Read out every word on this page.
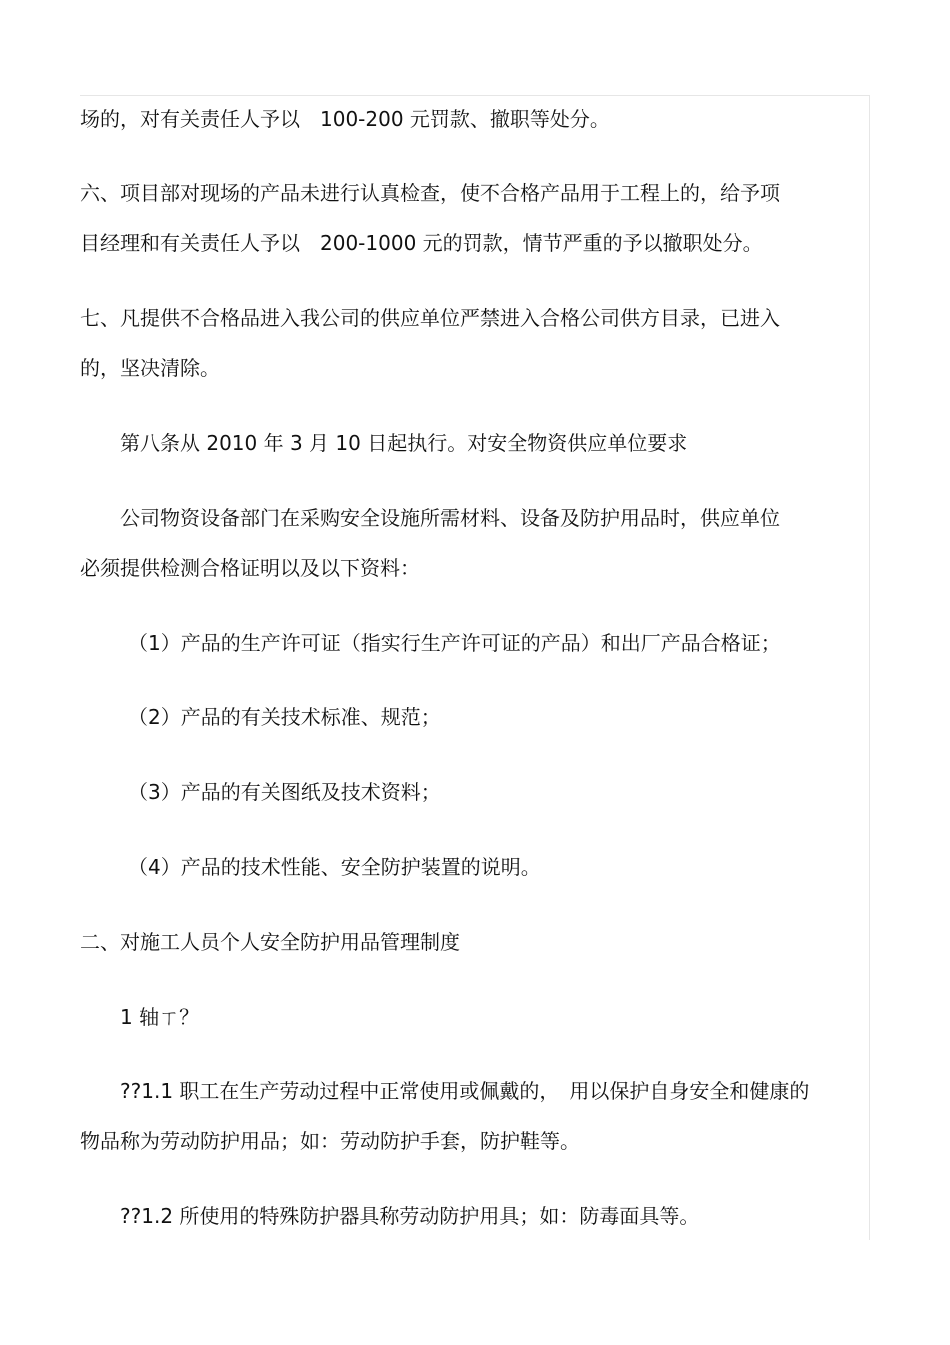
场的，对有关责任人予以　100-200 元罚款、撤职等处分。
六、项目部对现场的产品未进行认真检查，使不合格产品用于工程上的，给予项
目经理和有关责任人予以　200-1000 元的罚款，情节严重的予以撤职处分。
七、凡提供不合格品进入我公司的供应单位严禁进入合格公司供方目录，已进入
的，坚决清除。
第八条从 2010 年 3 月 10 日起执行。对安全物资供应单位要求
公司物资设备部门在采购安全设施所需材料、设备及防护用品时，供应单位
必须提供检测合格证明以及以下资料：
（1）产品的生产许可证（指实行生产许可证的产品）和出厂产品合格证；
（2）产品的有关技术标准、规范；
（3）产品的有关图纸及技术资料；
（4）产品的技术性能、安全防护装置的说明。
二、对施工人员个人安全防护用品管理制度
1 轴ㄒ？
??1.1 职工在生产劳动过程中正常使用或佩戴的，　用以保护自身安全和健康的
物品称为劳动防护用品；如：劳动防护手套，防护鞋等。
??1.2 所使用的特殊防护器具称劳动防护用具；如：防毒面具等。
